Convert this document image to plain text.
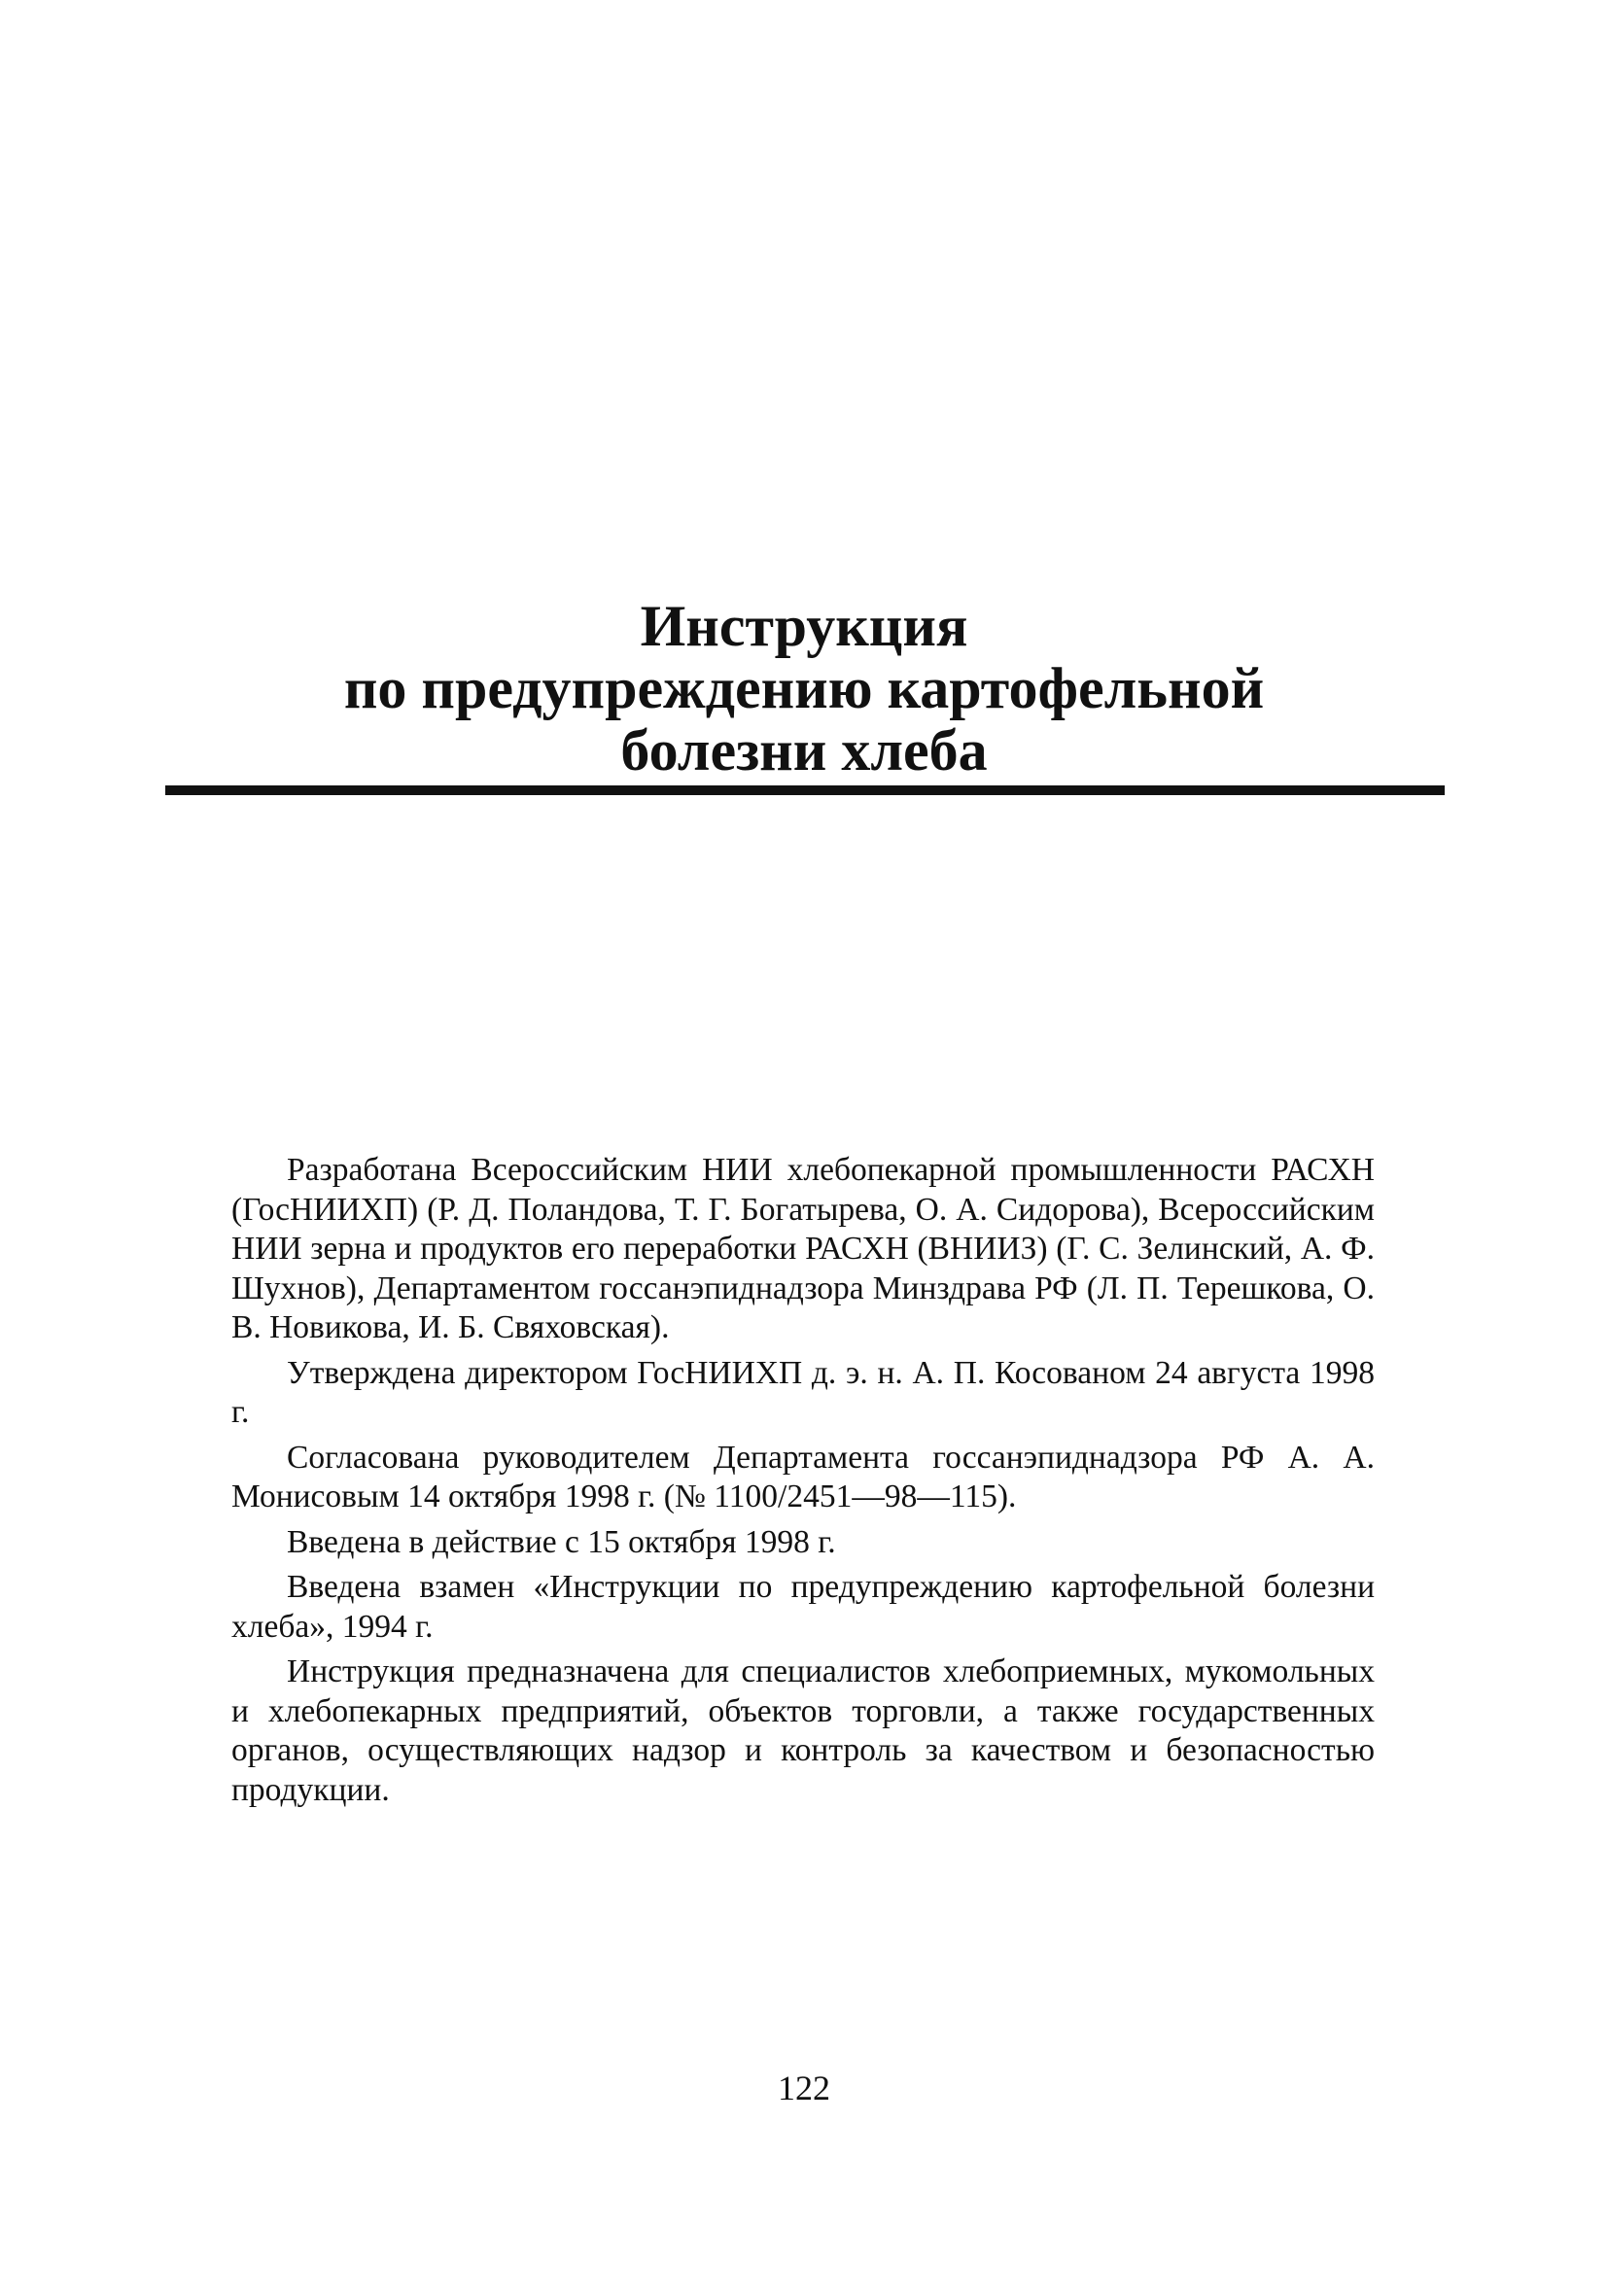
Инструкция
по предупреждению картофельной
болезни хлеба

Разработана Всероссийским НИИ хлебопекарной промышленности РАСХН (ГосНИИХП) (Р. Д. Поландова, Т. Г. Богатырева, О. А. Сидорова), Всероссийским НИИ зерна и продуктов его переработки РАСХН (ВНИИЗ) (Г. С. Зелинский, А. Ф. Шухнов), Департаментом госсанэпиднадзора Минздрава РФ (Л. П. Терешкова, О. В. Новикова, И. Б. Свяховская).

Утверждена директором ГосНИИХП д. э. н. А. П. Косованом 24 августа 1998 г.

Согласована руководителем Департамента госсанэпиднадзора РФ А. А. Монисовым 14 октября 1998 г. (№ 1100/2451—98—115).

Введена в действие с 15 октября 1998 г.

Введена взамен «Инструкции по предупреждению картофельной болезни хлеба», 1994 г.

Инструкция предназначена для специалистов хлебоприемных, мукомольных и хлебопекарных предприятий, объектов торговли, а также государственных органов, осуществляющих надзор и контроль за качеством и безопасностью продукции.

122
